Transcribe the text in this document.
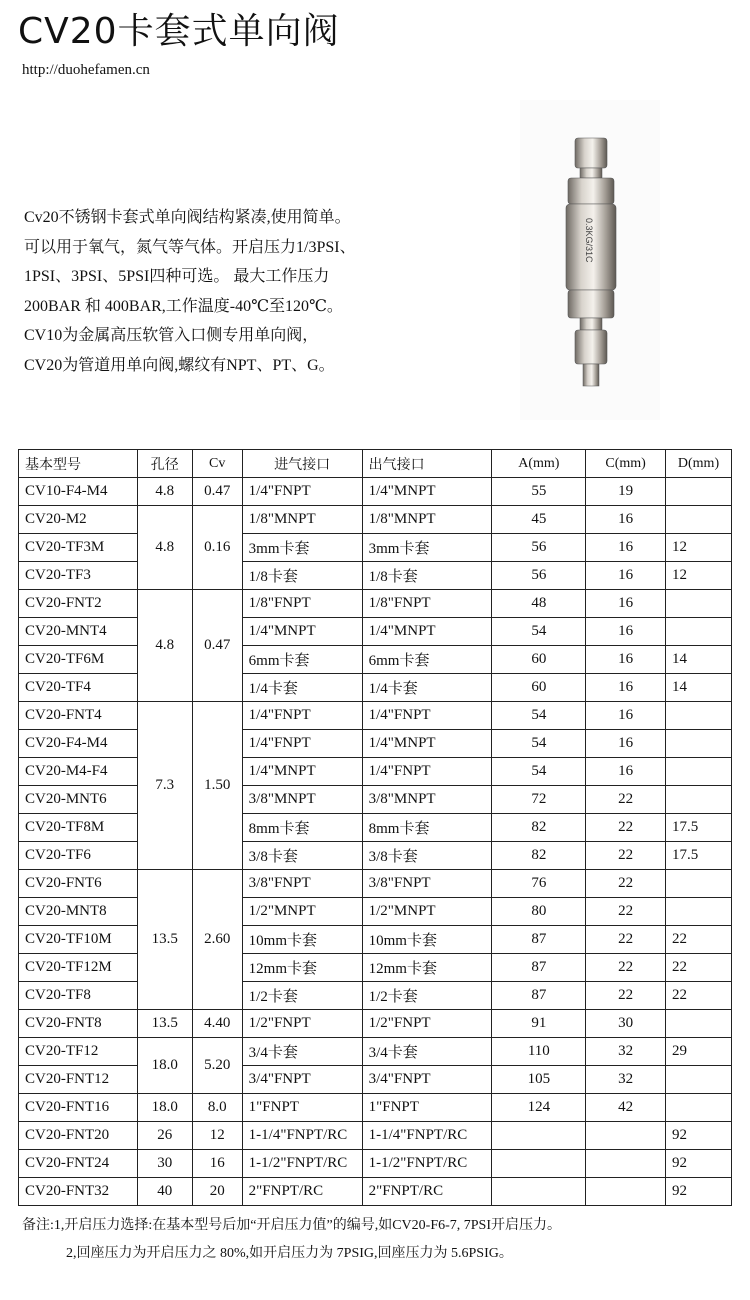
CV20卡套式单向阀
http://duohefamen.cn
Cv20不锈钢卡套式单向阀结构紧凑,使用简单。
可以用于氧气，氮气等气体。开启压力1/3PSI、
1PSI、3PSI、5PSI四种可选。 最大工作压力
200BAR 和 400BAR,工作温度-40℃至120℃。
CV10为金属高压软管入口侧专用单向阀，
CV20为管道用单向阀,螺纹有NPT、PT、G。
0.3KG/31C
基本型号	孔径	Cv	进气接口	出气接口	A(mm)	C(mm)	D(mm)
CV10-F4-M4	4.8	0.47	1/4"FNPT	1/4"MNPT	55	19	
CV20-M2	4.8	0.16	1/8"MNPT	1/8"MNPT	45	16	
CV20-TF3M			3mm卡套	3mm卡套	56	16	12
CV20-TF3			1/8卡套	1/8卡套	56	16	12
CV20-FNT2	4.8	0.47	1/8"FNPT	1/8"FNPT	48	16	
CV20-MNT4			1/4"MNPT	1/4"MNPT	54	16	
CV20-TF6M			6mm卡套	6mm卡套	60	16	14
CV20-TF4			1/4卡套	1/4卡套	60	16	14
CV20-FNT4	7.3	1.50	1/4"FNPT	1/4"FNPT	54	16	
CV20-F4-M4			1/4"FNPT	1/4"MNPT	54	16	
CV20-M4-F4			1/4"MNPT	1/4"FNPT	54	16	
CV20-MNT6			3/8"MNPT	3/8"MNPT	72	22	
CV20-TF8M			8mm卡套	8mm卡套	82	22	17.5
CV20-TF6			3/8卡套	3/8卡套	82	22	17.5
CV20-FNT6	13.5	2.60	3/8"FNPT	3/8"FNPT	76	22	
CV20-MNT8			1/2"MNPT	1/2"MNPT	80	22	
CV20-TF10M			10mm卡套	10mm卡套	87	22	22
CV20-TF12M			12mm卡套	12mm卡套	87	22	22
CV20-TF8			1/2卡套	1/2卡套	87	22	22
CV20-FNT8	13.5	4.40	1/2"FNPT	1/2"FNPT	91	30	
CV20-TF12	18.0	5.20	3/4卡套	3/4卡套	110	32	29
CV20-FNT12			3/4"FNPT	3/4"FNPT	105	32	
CV20-FNT16	18.0	8.0	1"FNPT	1"FNPT	124	42	
CV20-FNT20	26	12	1-1/4"FNPT/RC	1-1/4"FNPT/RC			92
CV20-FNT24	30	16	1-1/2"FNPT/RC	1-1/2"FNPT/RC			92
CV20-FNT32	40	20	2"FNPT/RC	2"FNPT/RC			92
备注:1,开启压力选择:在基本型号后加“开启压力值”的编号,如CV20-F6-7, 7PSI开启压力。
2,回座压力为开启压力之 80%,如开启压力为 7PSIG,回座压力为 5.6PSIG。
